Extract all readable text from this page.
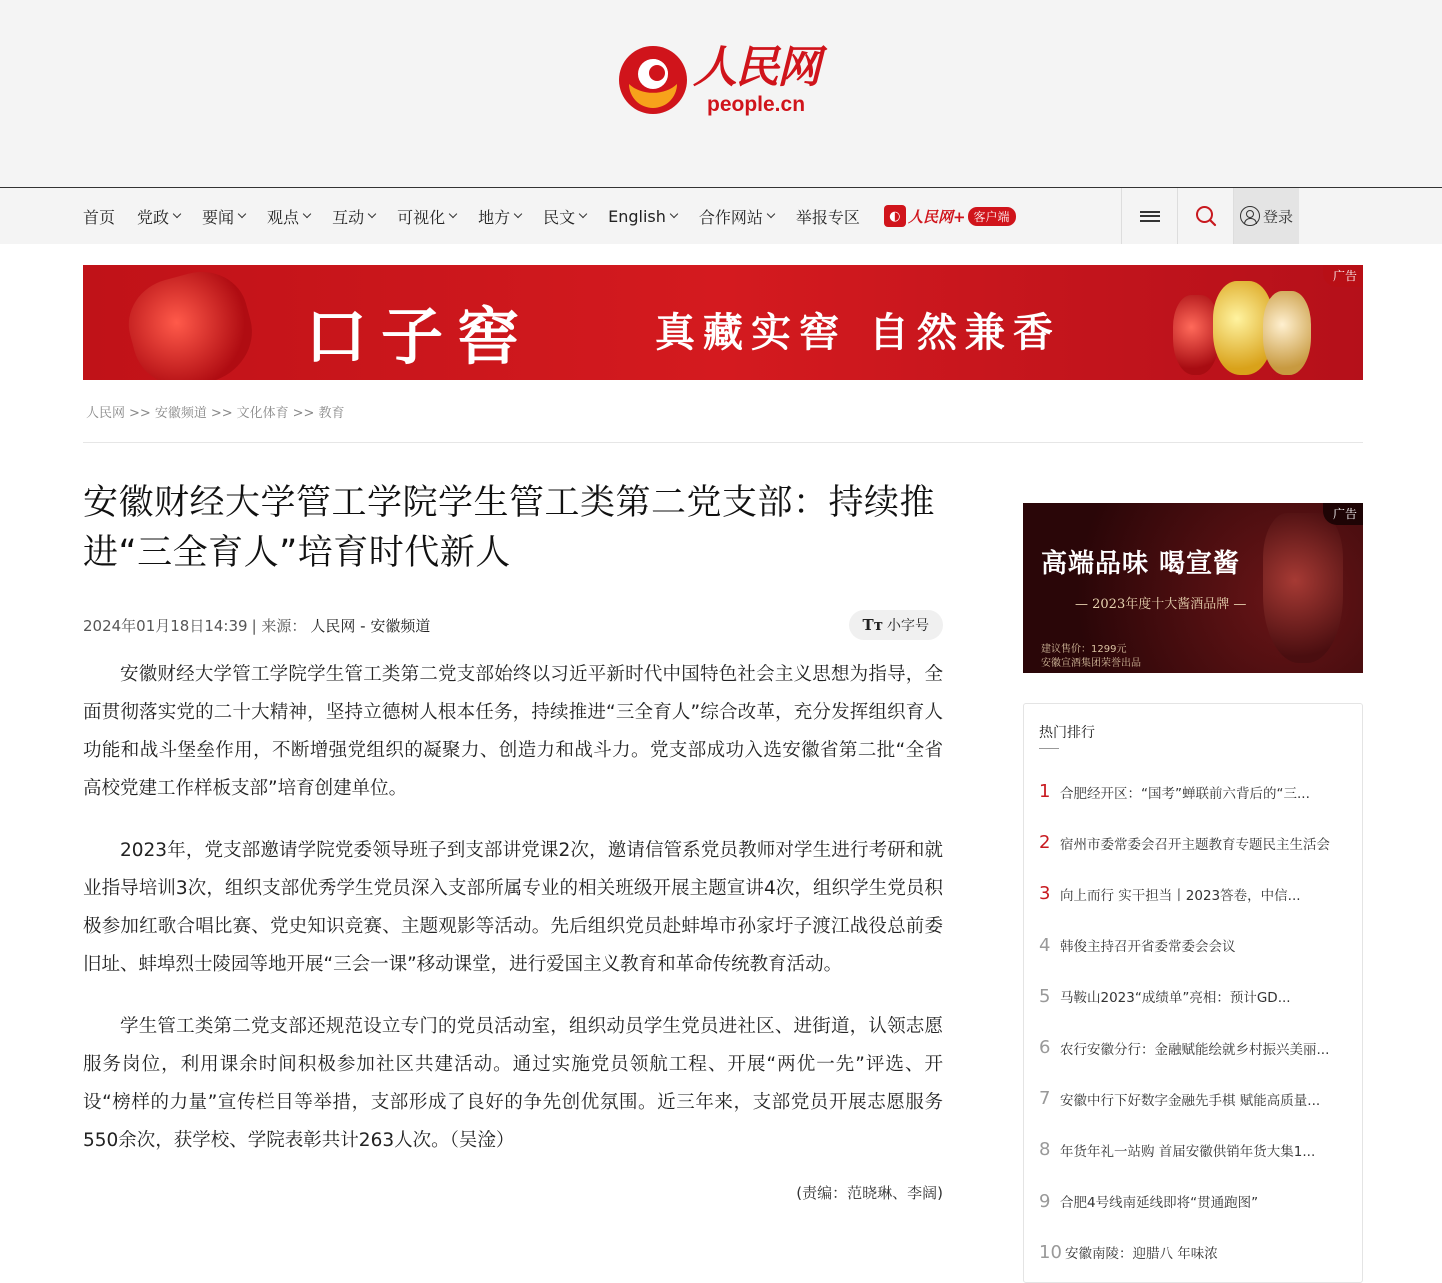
人民网
people.cn
首页 党政 要闻 观点 互动 可视化 地方 民文 English 合作网站 举报专区	◐ 人民网+ 客户端	登录
口子窖	真藏实窖 自然兼香
广告
人民网 >> 安徽频道 >> 文化体育 >> 教育
安徽财经大学管工学院学生管工类第二党支部：持续推进“三全育人”培育时代新人
2024年01月18日14:39 | 来源： 人民网 - 安徽频道	Tт 小字号

安徽财经大学管工学院学生管工类第二党支部始终以习近平新时代中国特色社会主义思想为指导，全面贯彻落实党的二十大精神，坚持立德树人根本任务，持续推进“三全育人”综合改革，充分发挥组织育人功能和战斗堡垒作用，不断增强党组织的凝聚力、创造力和战斗力。党支部成功入选安徽省第二批“全省高校党建工作样板支部”培育创建单位。

2023年，党支部邀请学院党委领导班子到支部讲党课2次，邀请信管系党员教师对学生进行考研和就业指导培训3次，组织支部优秀学生党员深入支部所属专业的相关班级开展主题宣讲4次，组织学生党员积极参加红歌合唱比赛、党史知识竞赛、主题观影等活动。先后组织党员赴蚌埠市孙家圩子渡江战役总前委旧址、蚌埠烈士陵园等地开展“三会一课”移动课堂，进行爱国主义教育和革命传统教育活动。

学生管工类第二党支部还规范设立专门的党员活动室，组织动员学生党员进社区、进街道，认领志愿服务岗位，利用课余时间积极参加社区共建活动。通过实施党员领航工程、开展“两优一先”评选、开设“榜样的力量”宣传栏目等举措，支部形成了良好的争先创优氛围。近三年来，支部党员开展志愿服务550余次，获学校、学院表彰共计263人次。（吴淦）

(责编：范晓琳、李阔)
高端品味 喝宣酱
— 2023年度十大酱酒品牌 —
建议售价：1299元
安徽宣酒集团荣誉出品
广告
热门排行
1 合肥经开区：“国考”蝉联前六背后的“三...
2 宿州市委常委会召开主题教育专题民主生活会
3 向上而行 实干担当丨2023答卷，中信...
4 韩俊主持召开省委常委会会议
5 马鞍山2023“成绩单”亮相：预计GD...
6 农行安徽分行：金融赋能绘就乡村振兴美丽...
7 安徽中行下好数字金融先手棋 赋能高质量...
8 年货年礼一站购 首届安徽供销年货大集1...
9 合肥4号线南延线即将“贯通跑图”
10 安徽南陵：迎腊八 年味浓
